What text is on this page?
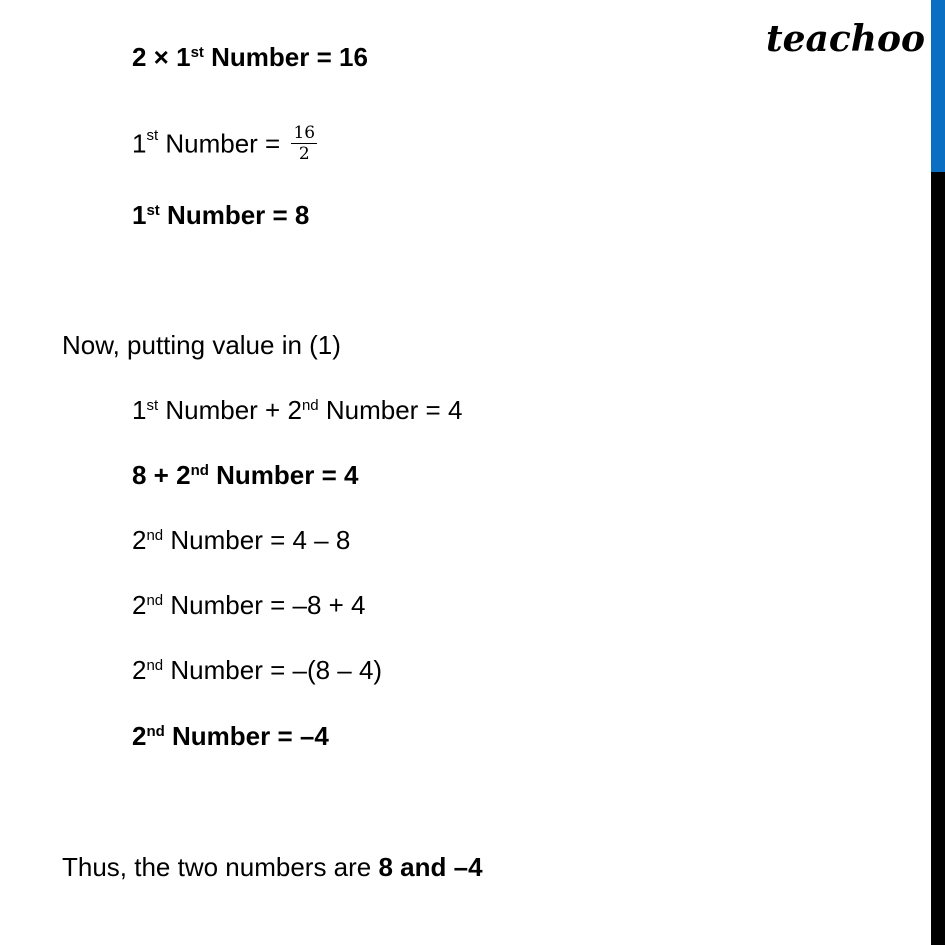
teachoo
2 × 1st Number = 16
1st Number = $\frac{16}{2}$
1st Number = 8
Now, putting value in (1)
1st Number + 2nd Number = 4
8 + 2nd Number = 4
2nd Number = 4 – 8
2nd Number = –8 + 4
2nd Number = –(8 – 4)
2nd Number = –4
Thus, the two numbers are 8 and –4
